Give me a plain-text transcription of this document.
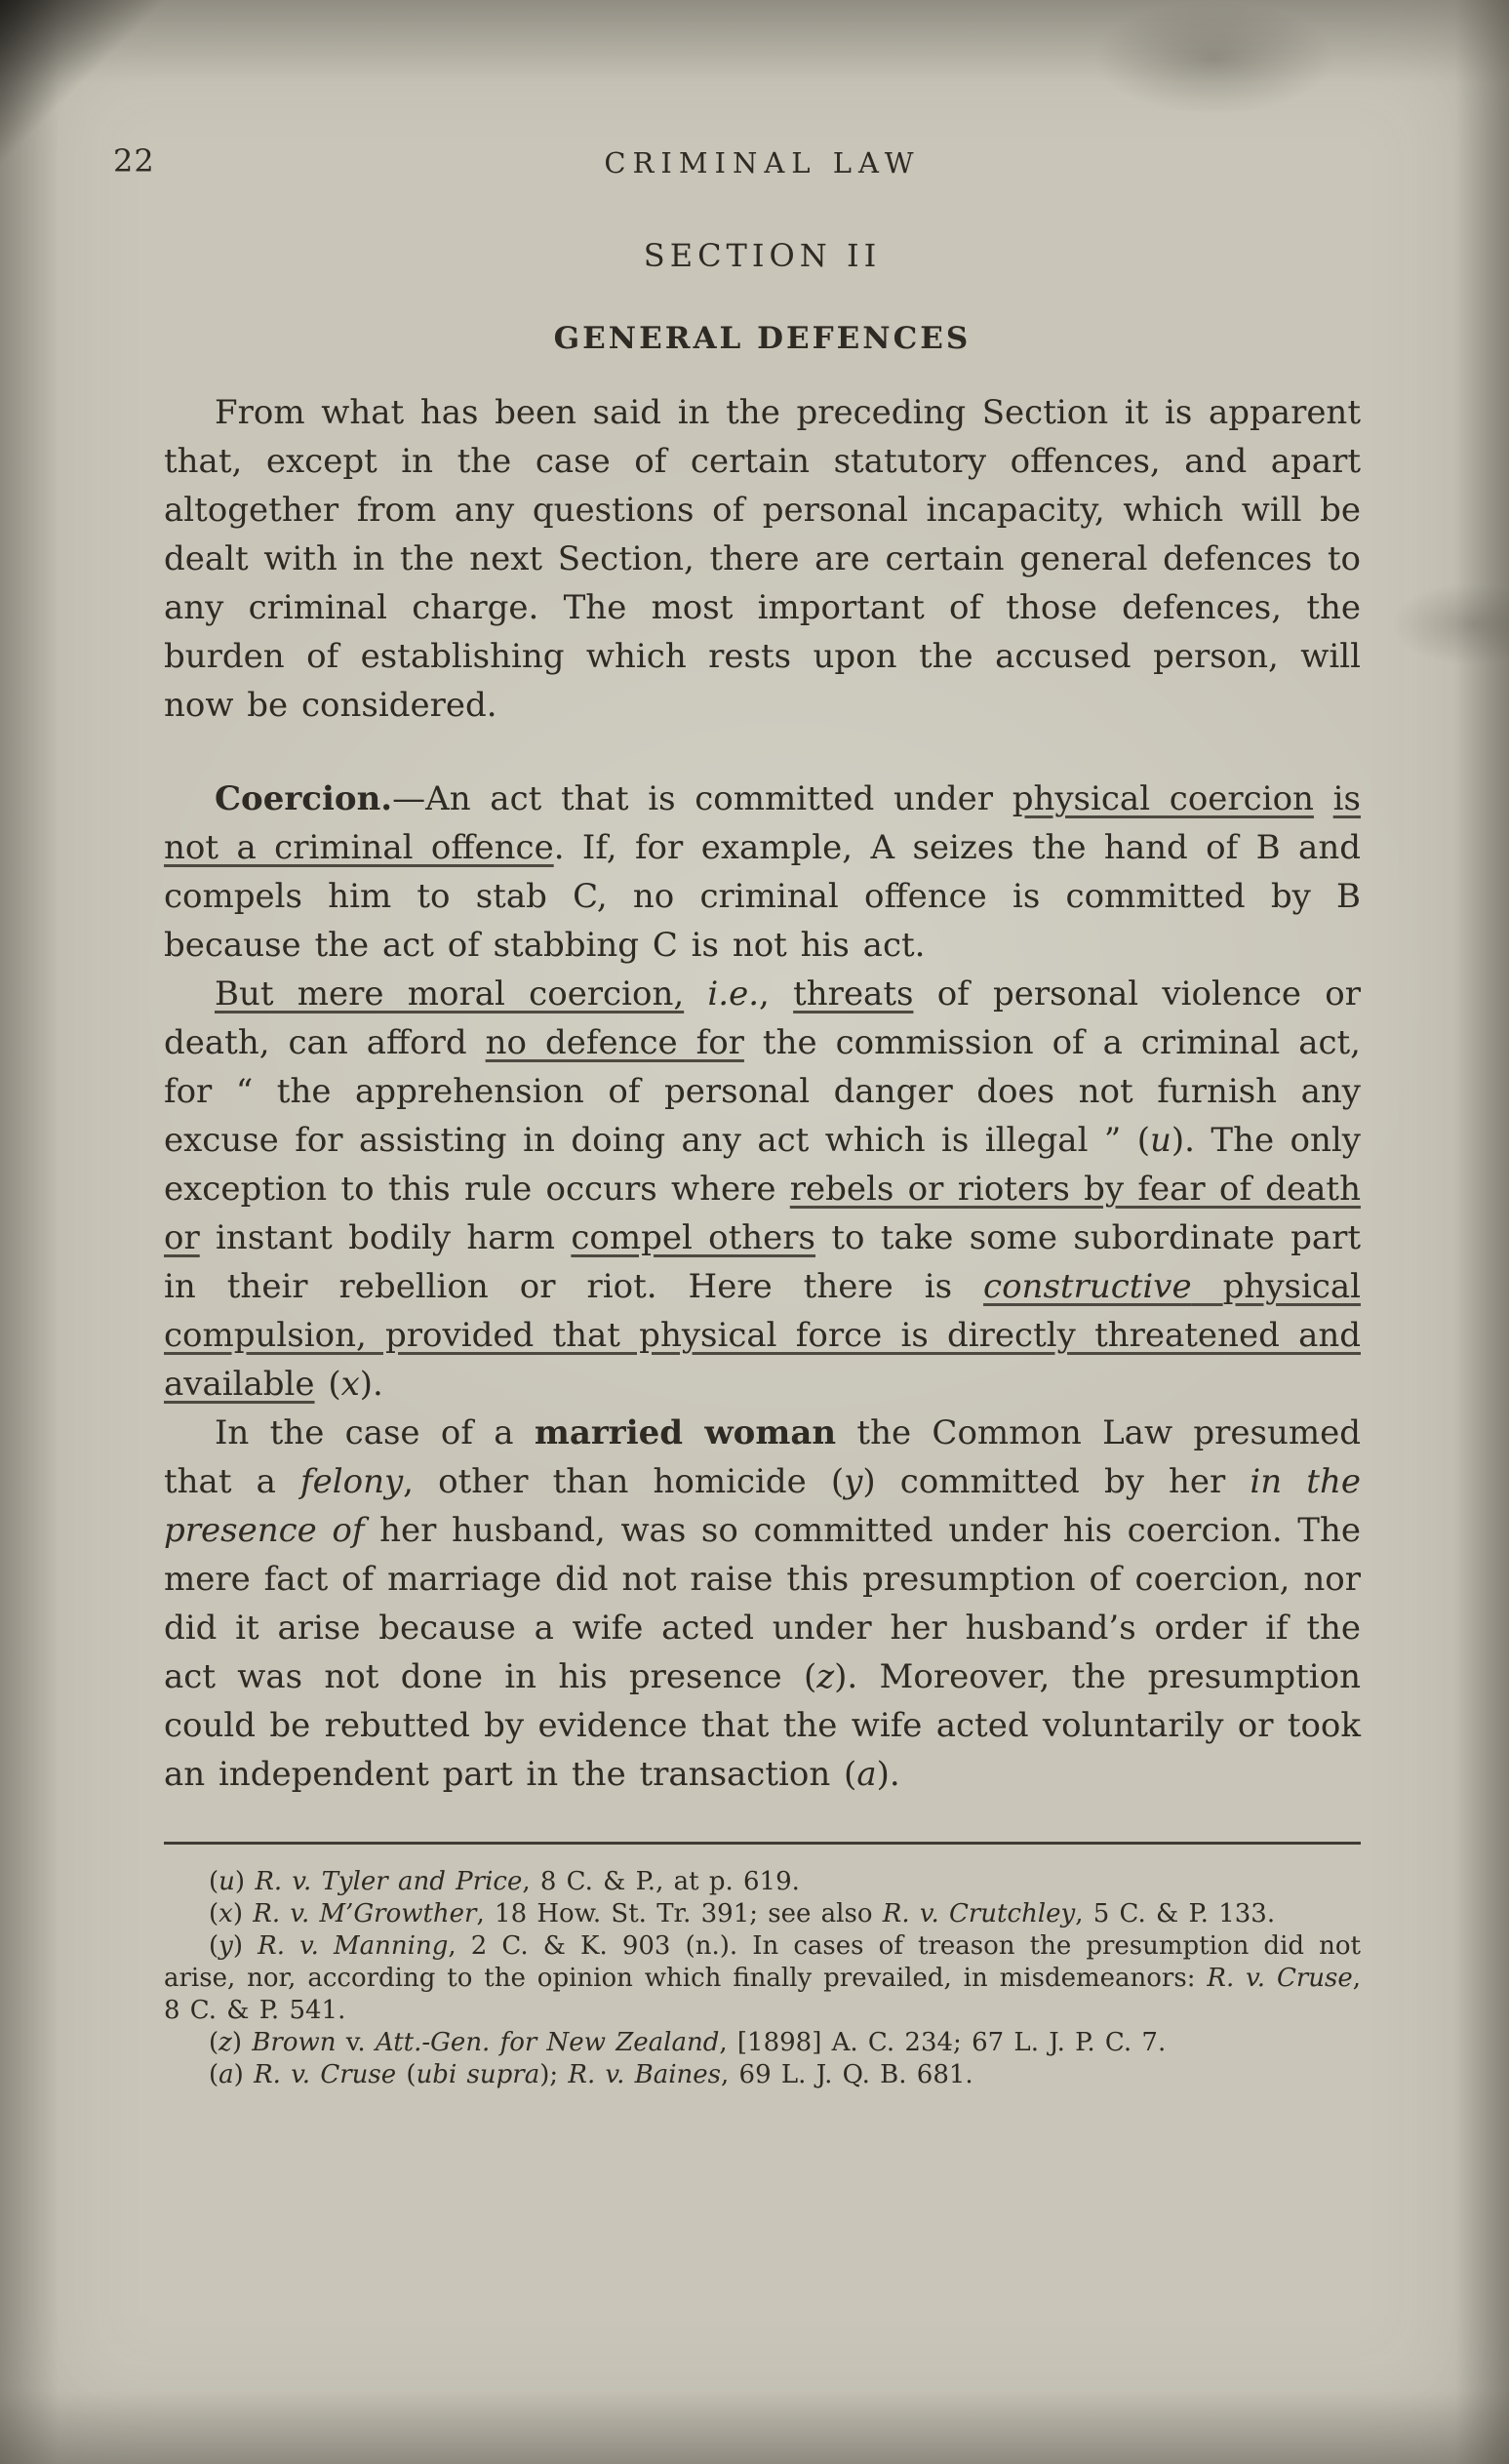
22	CRIMINAL LAW
SECTION II
GENERAL DEFENCES

From what has been said in the preceding Section it is apparent that, except in the case of certain statutory offences, and apart altogether from any questions of personal incapacity, which will be dealt with in the next Section, there are certain general defences to any criminal charge. The most important of those defences, the burden of establishing which rests upon the accused person, will now be considered.

Coercion.—An act that is committed under physical coercion is not a criminal offence. If, for example, A seizes the hand of B and compels him to stab C, no criminal offence is committed by B because the act of stabbing C is not his act.

But mere moral coercion, i.e., threats of personal violence or death, can afford no defence for the commission of a criminal act, for “ the apprehension of personal danger does not furnish any excuse for assisting in doing any act which is illegal ” (u). The only exception to this rule occurs where rebels or rioters by fear of death or instant bodily harm compel others to take some subordinate part in their rebellion or riot. Here there is constructive physical compulsion, provided that physical force is directly threatened and available (x).

In the case of a married woman the Common Law presumed that a felony, other than homicide (y) committed by her in the presence of her husband, was so committed under his coercion. The mere fact of marriage did not raise this presumption of coercion, nor did it arise because a wife acted under her husband’s order if the act was not done in his presence (z). Moreover, the presumption could be rebutted by evidence that the wife acted voluntarily or took an independent part in the transaction (a).

(u) R. v. Tyler and Price, 8 C. & P., at p. 619.

(x) R. v. M’Growther, 18 How. St. Tr. 391; see also R. v. Crutchley, 5 C. & P. 133.

(y) R. v. Manning, 2 C. & K. 903 (n.). In cases of treason the presumption did not arise, nor, according to the opinion which finally prevailed, in misdemeanors: R. v. Cruse, 8 C. & P. 541.

(z) Brown v. Att.-Gen. for New Zealand, [1898] A. C. 234; 67 L. J. P. C. 7.

(a) R. v. Cruse (ubi supra); R. v. Baines, 69 L. J. Q. B. 681.
